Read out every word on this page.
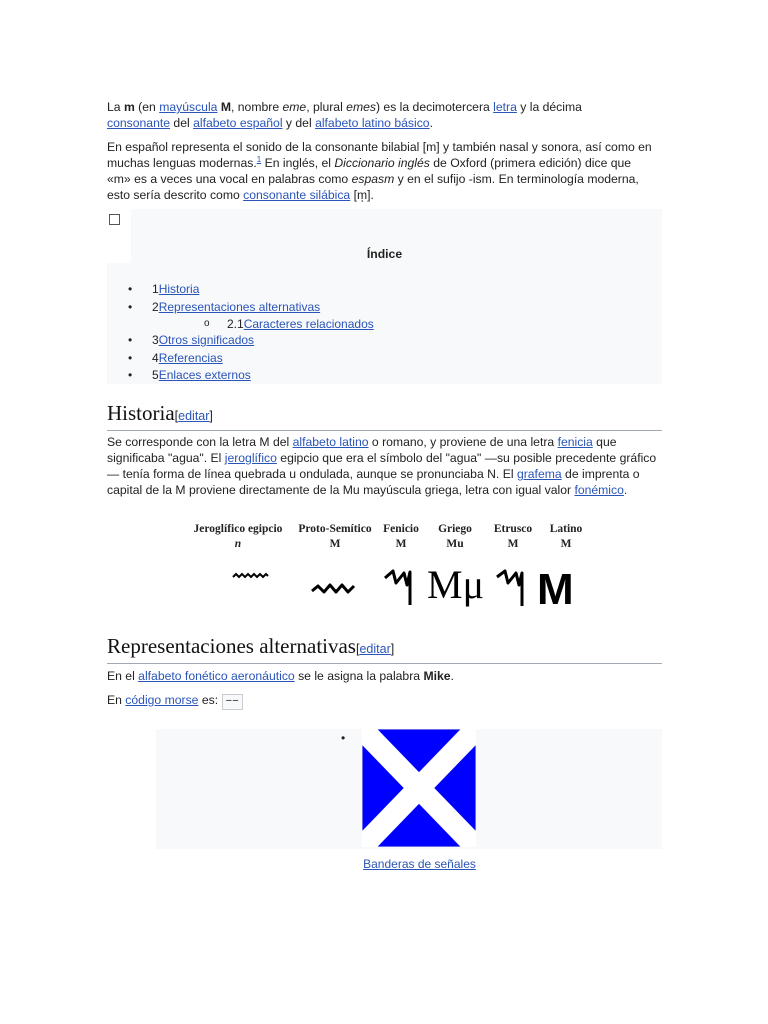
La m (en mayúscula M, nombre eme, plural emes) es la decimotercera letra y la décima consonante del alfabeto español y del alfabeto latino básico.

En español representa el sonido de la consonante bilabial [m] y también nasal y sonora, así como en muchas lenguas modernas.$^1$ En inglés, el Diccionario inglés de Oxford (primera edición) dice que «m» es a veces una vocal en palabras como espasm y en el sufijo -ism. En terminología moderna, esto sería descrito como consonante silábica [m̩].

Índice
• 1Historia
• 2Representaciones alternativas
o 2.1Caracteres relacionados
• 3Otros significados
• 4Referencias
• 5Enlaces externos
Historia[editar]

Se corresponde con la letra M del alfabeto latino o romano, y proviene de una letra fenicia que significaba "agua". El jeroglífico egipcio que era el símbolo del "agua" —su posible precedente gráfico— tenía forma de línea quebrada u ondulada, aunque se pronunciaba N. El grafema de imprenta o capital de la M proviene directamente de la Mu mayúscula griega, letra con igual valor fonémico.

Jeroglífico egipcio
n
Proto-Semítico
M
Fenicio
M
Griego
Mu
Etrusco
M
Latino
M
Μμ M
Representaciones alternativas[editar]

En el alfabeto fonético aeronáutico se le asigna la palabra Mike.

En código morse es: −−

•
Banderas de señales
